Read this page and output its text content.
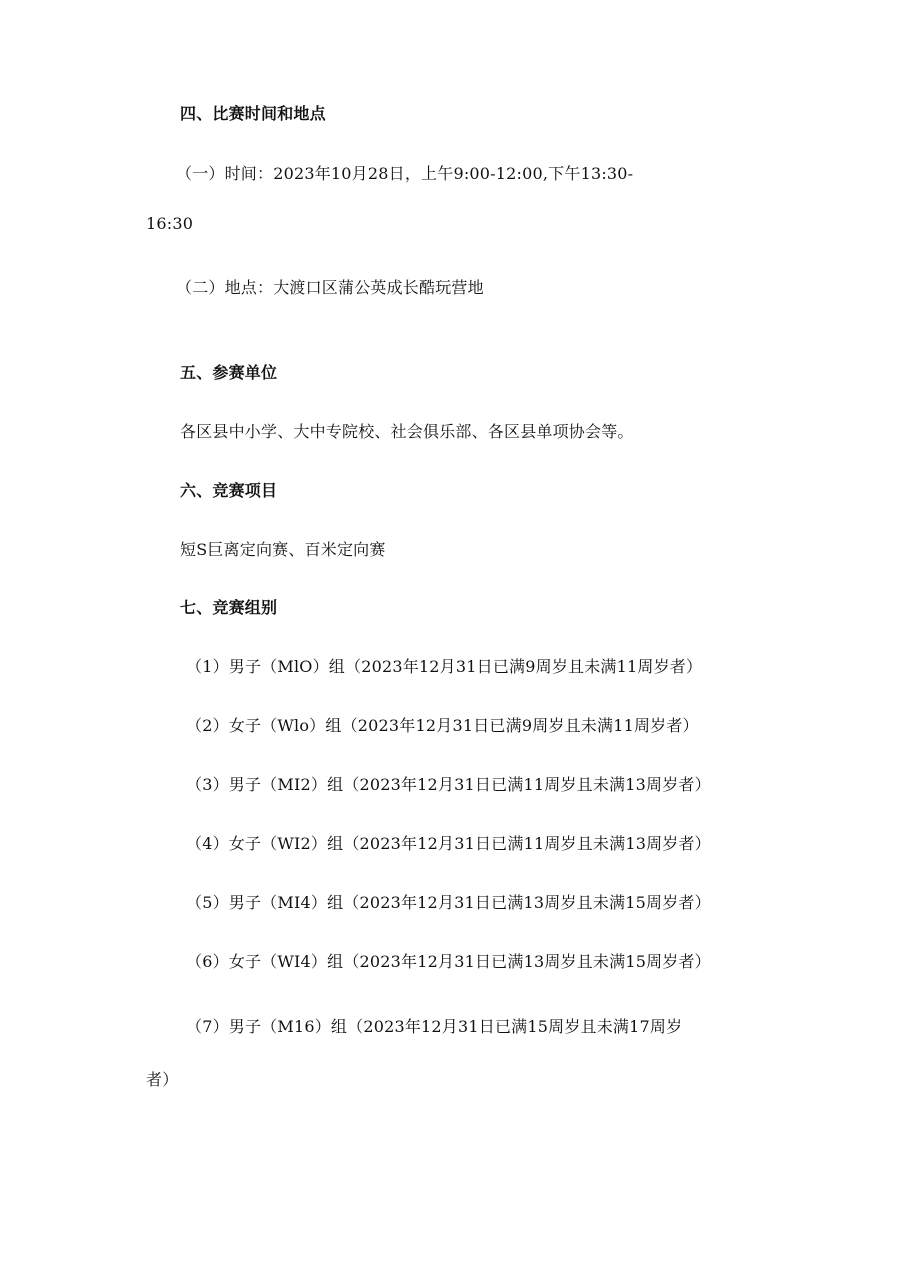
四、比赛时间和地点
（一）时间：2023年10月28日，上午9:00-12:00,下午13:30-
16:30
（二）地点：大渡口区蒲公英成长酷玩营地
五、参赛单位
各区县中小学、大中专院校、社会俱乐部、各区县单项协会等。
六、竞赛项目
短S巨离定向赛、百米定向赛
七、竞赛组别
（1）男子（MlO）组（2023年12月31日已满9周岁且未满11周岁者）
（2）女子（Wlo）组（2023年12月31日已满9周岁且未满11周岁者）
（3）男子（MI2）组（2023年12月31日已满11周岁且未满13周岁者）
（4）女子（WI2）组（2023年12月31日已满11周岁且未满13周岁者）
（5）男子（MI4）组（2023年12月31日已满13周岁且未满15周岁者）
（6）女子（WI4）组（2023年12月31日已满13周岁且未满15周岁者）
（7）男子（M16）组（2023年12月31日已满15周岁且未满17周岁
者）
